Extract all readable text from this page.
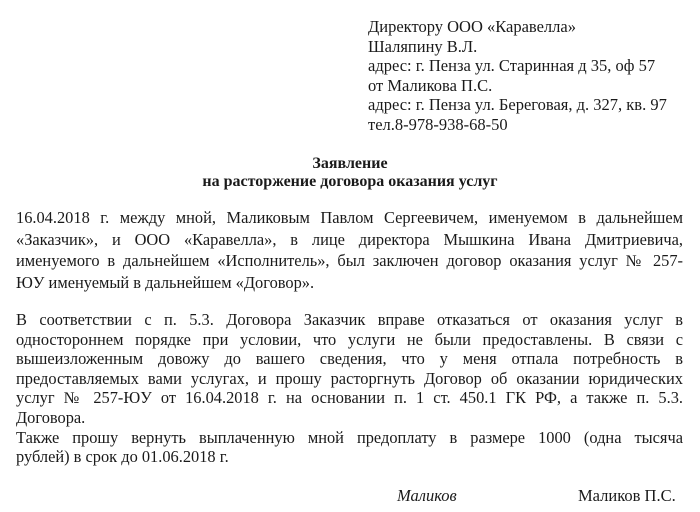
Директору ООО «Каравелла»
Шаляпину В.Л.
адрес: г. Пенза ул. Старинная д 35, оф 57
от Маликова П.С.
адрес: г. Пенза ул. Береговая, д. 327, кв. 97
тел.8-978-938-68-50
Заявление
на расторжение договора оказания услуг
16.04.2018 г. между мной, Маликовым Павлом Сергеевичем, именуемом в дальнейшем
«Заказчик», и ООО «Каравелла», в лице директора Мышкина Ивана Дмитриевича,
именуемого в дальнейшем «Исполнитель», был заключен договор оказания услуг № 257-
ЮУ именуемый в дальнейшем «Договор».
В соответствии с п. 5.3. Договора Заказчик вправе отказаться от оказания услуг в
одностороннем порядке при условии, что услуги не были предоставлены. В связи с
вышеизложенным довожу до вашего сведения, что у меня отпала потребность в
предоставляемых вами услугах, и прошу расторгнуть Договор об оказании юридических
услуг № 257-ЮУ от 16.04.2018 г. на основании п. 1 ст. 450.1 ГК РФ, а также п. 5.3.
Договора.
Также прошу вернуть выплаченную мной предоплату в размере 1000 (одна тысяча
рублей) в срок до 01.06.2018 г.
Маликов	Маликов П.С.
